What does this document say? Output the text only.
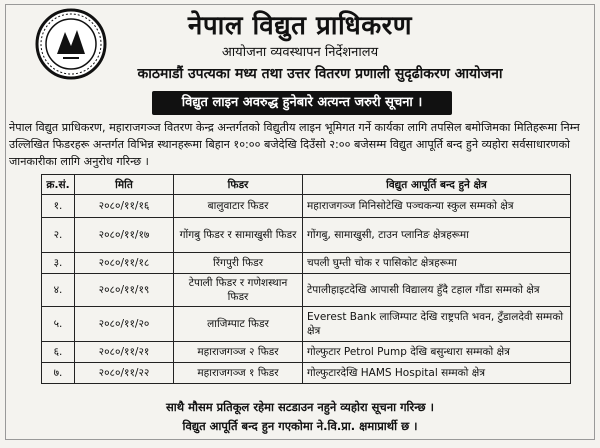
नेपाल विद्युत प्राधिकरण
आयोजना व्यवस्थापन निर्देशनालय
काठमाडौं उपत्यका मध्य तथा उत्तर वितरण प्रणाली सुदृढीकरण आयोजना
विद्युत लाइन अवरुद्ध हुनेबारे अत्यन्त जरुरी सूचना ।
नेपाल विद्युत प्राधिकरण, महाराजगञ्ज वितरण केन्द्र अन्तर्गतको विद्युतीय लाइन भूमिगत गर्ने कार्यका लागि तपसिल बमोजिमका मितिहरूमा निम्न उल्लिखित फिडरहरू अन्तर्गत विभिन्न स्थानहरूमा बिहान १०:०० बजेदेखि दिउँसो २:०० बजेसम्म विद्युत आपूर्ति बन्द हुने व्यहोरा सर्वसाधारणको जानकारीका लागि अनुरोध गरिन्छ ।
क्र.सं.	मिति	फिडर	विद्युत आपूर्ति बन्द हुने क्षेत्र
१.	२०८०/११/१६	बालुवाटार फिडर	महाराजगञ्ज मिनिसोटेखि पञ्चकन्या स्कुल सम्मको क्षेत्र
२.	२०८०/११/१७	गोंगबु फिडर र सामाखुसी फिडर	गोंगबु, सामाखुसी, टाउन प्लानिङ क्षेत्रहरूमा
३.	२०८०/११/१८	रिंगपुरी फिडर	चपली घुम्ती चोक र पासिकोट क्षेत्रहरूमा
४.	२०८०/११/१९	टेपाली फिडर र गणेशस्थान फिडर	टेपालीहाइटदेखि आपासी विद्यालय हुँदै टहाल गौंडा सम्मको क्षेत्र
५.	२०८०/११/२०	लाजिम्पाट फिडर	Everest Bank लाजिम्पाट देखि राष्ट्रपति भवन, टुँडालदेवी सम्मको क्षेत्र
६.	२०८०/११/२१	महाराजगञ्ज २ फिडर	गोल्फुटार Petrol Pump देखि बसुन्धारा सम्मको क्षेत्र
७.	२०८०/११/२२	महाराजगञ्ज १ फिडर	गोल्फुटारदेखि HAMS Hospital सम्मको क्षेत्र
साथै मौसम प्रतिकूल रहेमा सटडाउन नहुने व्यहोरा सूचना गरिन्छ ।
विद्युत आपूर्ति बन्द हुन गएकोमा ने.वि.प्रा. क्षमाप्रार्थी छ ।
